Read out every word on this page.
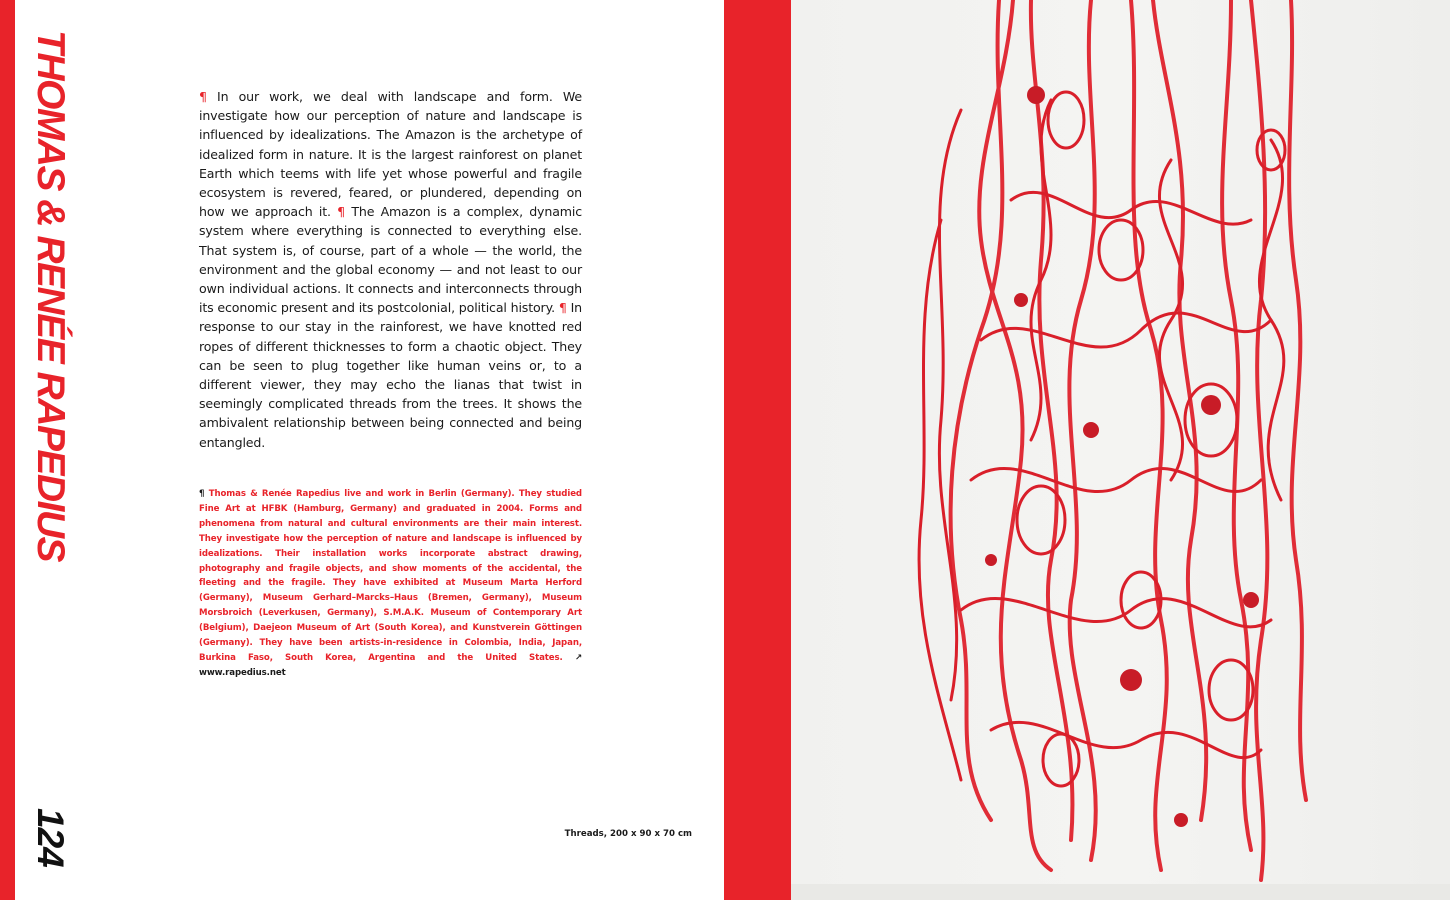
THOMAS & RENÉE RAPEDIUS
124
¶ In our work, we deal with landscape and form. We investigate how our perception of nature and landscape is influenced by idealizations. The Amazon is the archetype of idealized form in nature. It is the largest rainforest on planet Earth which teems with life yet whose powerful and fragile ecosystem is revered, feared, or plundered, depending on how we approach it. ¶ The Amazon is a complex, dynamic system where everything is connected to everything else. That system is, of course, part of a whole — the world, the environment and the global economy — and not least to our own individual actions. It connects and interconnects through its economic present and its postcolonial, political history. ¶ In response to our stay in the rainforest, we have knotted red ropes of different thicknesses to form a chaotic object. They can be seen to plug together like human veins or, to a different viewer, they may echo the lianas that twist in seemingly complicated threads from the trees. It shows the ambivalent relationship between being connected and being entangled.
¶ Thomas & Renée Rapedius live and work in Berlin (Germany). They studied Fine Art at HFBK (Hamburg, Germany) and graduated in 2004. Forms and phenomena from natural and cultural environments are their main interest. They investigate how the perception of nature and landscape is influenced by idealizations. Their installation works incorporate abstract drawing, photography and fragile objects, and show moments of the accidental, the fleeting and the fragile. They have exhibited at Museum Marta Herford (Germany), Museum Gerhard–Marcks–Haus (Bremen, Germany), Museum Morsbroich (Leverkusen, Germany), S.M.A.K. Museum of Contemporary Art (Belgium), Daejeon Museum of Art (South Korea), and Kunstverein Göttingen (Germany). They have been artists-in-residence in Colombia, India, Japan, Burkina Faso, South Korea, Argentina and the United States. ↗ www.rapedius.net
Threads, 200 x 90 x 70 cm
